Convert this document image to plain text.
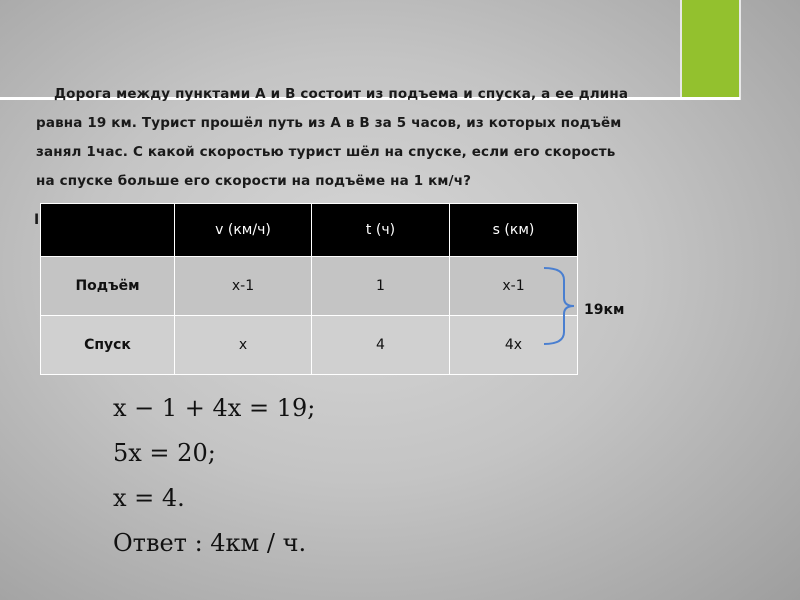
Дорога между пунктами А и В состоит из подъема и спуска, а ее длина

равна 19 км. Турист прошёл путь из А в В за 5 часов, из которых подъём

занял 1час. С какой скоростью турист шёл на спуске, если его скорость

на спуске больше его скорости на подъёме на 1 км/ч?

I
	v (км/ч)	t (ч)	s (км)
Подъём	x-1	1	x-1
Спуск	x	4	4x
19км
x − 1 + 4x = 19;
5x = 20;
x = 4.
Ответ : 4км / ч.
